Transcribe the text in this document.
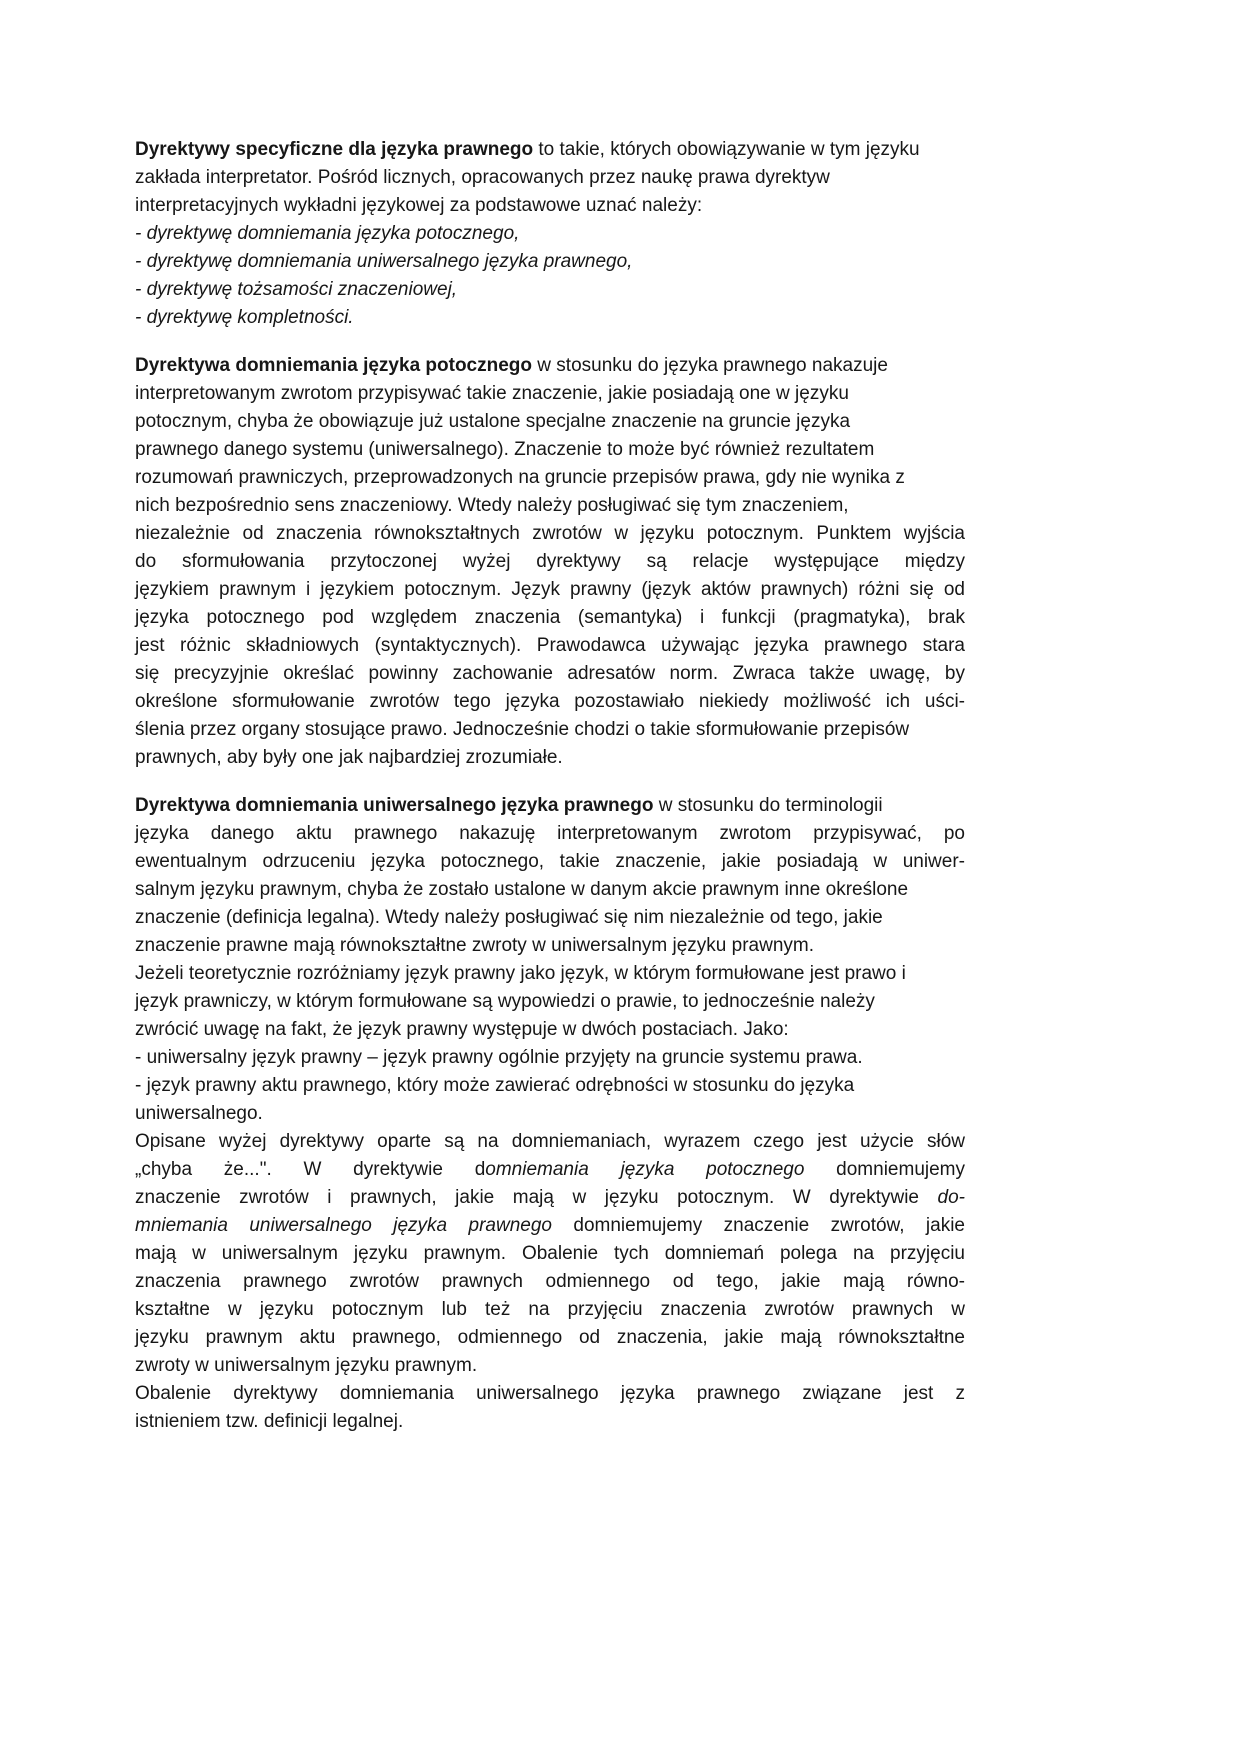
Dyrektywy specyficzne dla języka prawnego to takie, których obowiązywanie w tym języku
zakłada interpretator. Pośród licznych, opracowanych przez naukę prawa dyrektyw
interpretacyjnych wykładni językowej za podstawowe uznać należy:
- dyrektywę domniemania języka potocznego,
- dyrektywę domniemania uniwersalnego języka prawnego,
- dyrektywę tożsamości znaczeniowej,
- dyrektywę kompletności.
Dyrektywa domniemania języka potocznego w stosunku do języka prawnego nakazuje
interpretowanym zwrotom przypisywać takie znaczenie, jakie posiadają one w języku
potocznym, chyba że obowiązuje już ustalone specjalne znaczenie na gruncie języka
prawnego danego systemu (uniwersalnego). Znaczenie to może być również rezultatem
rozumowań prawniczych, przeprowadzonych na gruncie przepisów prawa, gdy nie wynika z
nich bezpośrednio sens znaczeniowy. Wtedy należy posługiwać się tym znaczeniem,
niezależnie od znaczenia równokształtnych zwrotów w języku potocznym. Punktem wyjścia
do sformułowania przytoczonej wyżej dyrektywy są relacje występujące między
językiem prawnym i językiem potocznym. Język prawny (język aktów prawnych) różni się od
języka potocznego pod względem znaczenia (semantyka) i funkcji (pragmatyka), brak
jest różnic składniowych (syntaktycznych). Prawodawca używając języka prawnego stara
się precyzyjnie określać powinny zachowanie adresatów norm. Zwraca także uwagę, by
określone sformułowanie zwrotów tego języka pozostawiało niekiedy możliwość ich uści-
ślenia przez organy stosujące prawo. Jednocześnie chodzi o takie sformułowanie przepisów
prawnych, aby były one jak najbardziej zrozumiałe.
Dyrektywa domniemania uniwersalnego języka prawnego w stosunku do terminologii
języka danego aktu prawnego nakazuję interpretowanym zwrotom przypisywać, po
ewentualnym odrzuceniu języka potocznego, takie znaczenie, jakie posiadają w uniwer-
salnym języku prawnym, chyba że zostało ustalone w danym akcie prawnym inne określone
znaczenie (definicja legalna). Wtedy należy posługiwać się nim niezależnie od tego, jakie
znaczenie prawne mają równokształtne zwroty w uniwersalnym języku prawnym.
Jeżeli teoretycznie rozróżniamy język prawny jako język, w którym formułowane jest prawo i
język prawniczy, w którym formułowane są wypowiedzi o prawie, to jednocześnie należy
zwrócić uwagę na fakt, że język prawny występuje w dwóch postaciach. Jako:
- uniwersalny język prawny – język prawny ogólnie przyjęty na gruncie systemu prawa.
- język prawny aktu prawnego, który może zawierać odrębności w stosunku do języka
uniwersalnego.
Opisane wyżej dyrektywy oparte są na domniemaniach, wyrazem czego jest użycie słów
„chyba że...". W dyrektywie domniemania języka potocznego domniemujemy
znaczenie zwrotów i prawnych, jakie mają w języku potocznym. W dyrektywie do-
mniemania uniwersalnego języka prawnego domniemujemy znaczenie zwrotów, jakie
mają w uniwersalnym języku prawnym. Obalenie tych domniemań polega na przyjęciu
znaczenia prawnego zwrotów prawnych odmiennego od tego, jakie mają równo-
kształtne w języku potocznym lub też na przyjęciu znaczenia zwrotów prawnych w
języku prawnym aktu prawnego, odmiennego od znaczenia, jakie mają równokształtne
zwroty w uniwersalnym języku prawnym.
Obalenie dyrektywy domniemania uniwersalnego języka prawnego związane jest z
istnieniem tzw. definicji legalnej.
